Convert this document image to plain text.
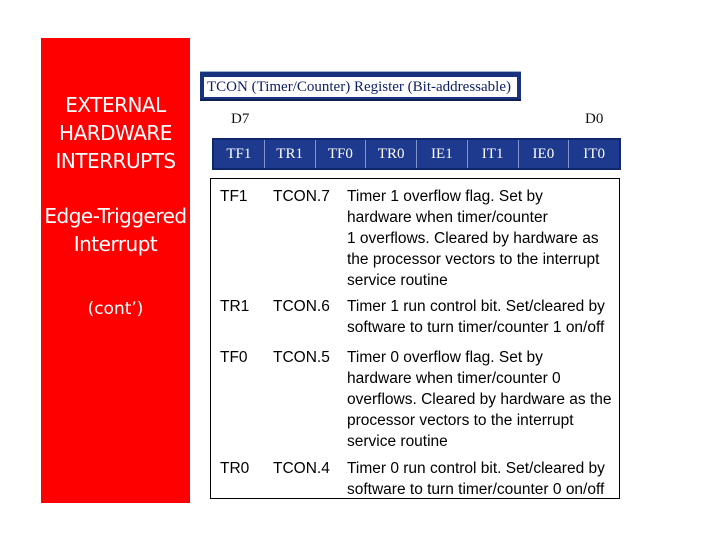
EXTERNAL
HARDWARE
INTERRUPTS
Edge-Triggered
Interrupt
(cont’)
TCON (Timer/Counter) Register (Bit-addressable)
D7	D0
TF1	TR1	TF0	TR0	IE1	IT1	IE0	IT0
TF1 TCON.7 Timer 1 overflow flag. Set by
hardware when timer/counter
1 overflows. Cleared by hardware as
the processor vectors to the interrupt
service routine
TR1 TCON.6 Timer 1 run control bit. Set/cleared by
software to turn timer/counter 1 on/off
TF0 TCON.5 Timer 0 overflow flag. Set by
hardware when timer/counter 0
overflows. Cleared by hardware as the
processor vectors to the interrupt
service routine
TR0 TCON.4 Timer 0 run control bit. Set/cleared by
software to turn timer/counter 0 on/off
